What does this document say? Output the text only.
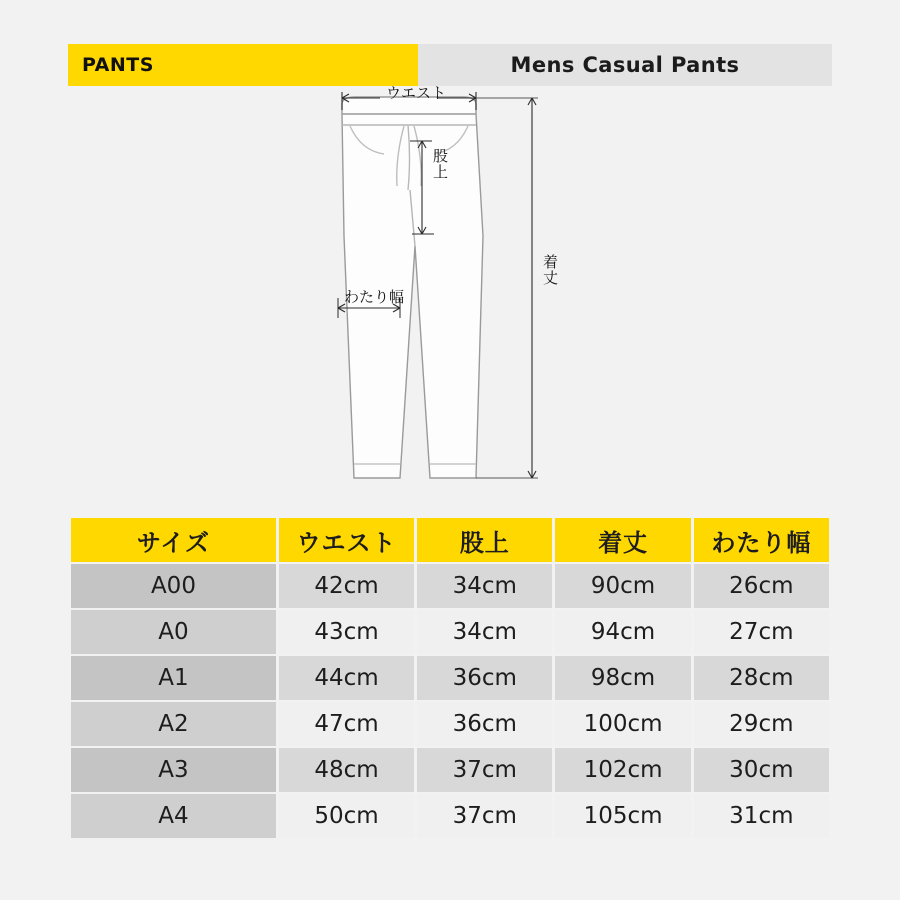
PANTS	Mens Casual Pants
ウエスト
股上
わたり幅
着丈
サイズ	ウエスト	股上	着丈	わたり幅
A00	42cm	34cm	90cm	26cm
A0	43cm	34cm	94cm	27cm
A1	44cm	36cm	98cm	28cm
A2	47cm	36cm	100cm	29cm
A3	48cm	37cm	102cm	30cm
A4	50cm	37cm	105cm	31cm
